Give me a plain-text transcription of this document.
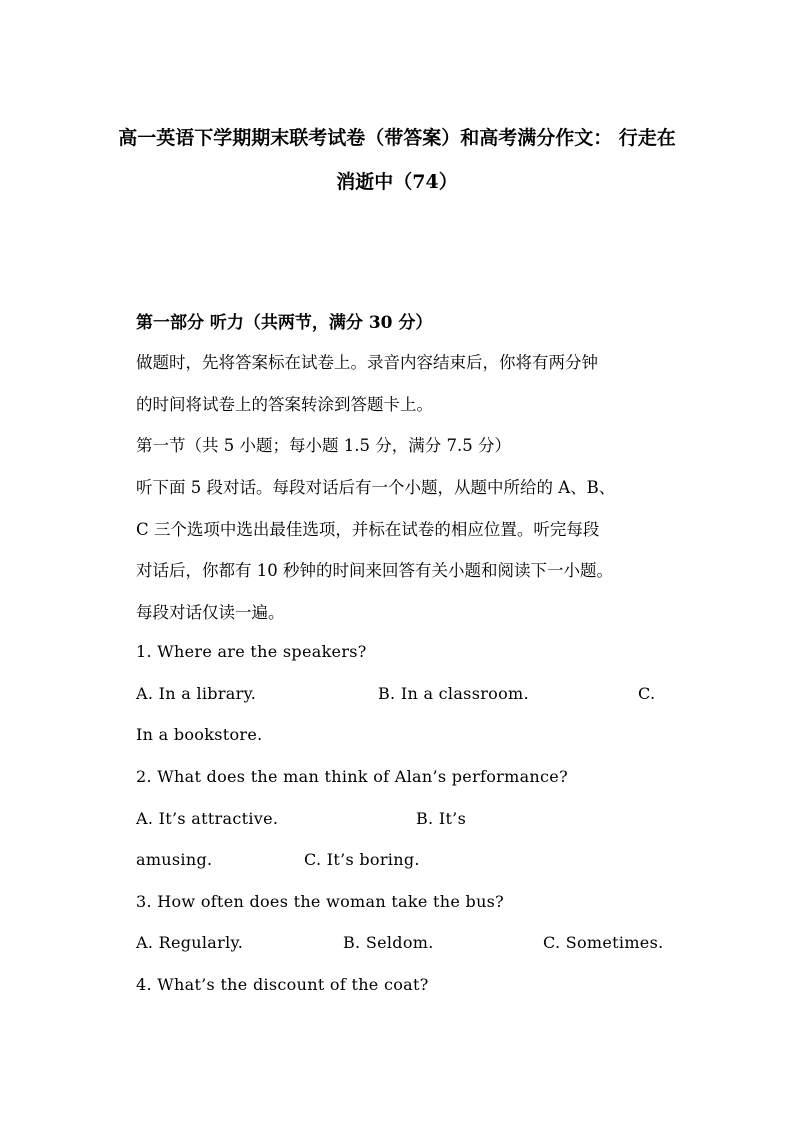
高一英语下学期期末联考试卷（带答案）和高考满分作文： 行走在
消逝中（74）
第一部分 听力（共两节，满分 30 分）
做题时，先将答案标在试卷上。录音内容结束后，你将有两分钟
的时间将试卷上的答案转涂到答题卡上。
第一节（共 5 小题；每小题 1.5 分，满分 7.5 分）
听下面 5 段对话。每段对话后有一个小题，从题中所给的 A、B、
C 三个选项中选出最佳选项，并标在试卷的相应位置。听完每段
对话后，你都有 10 秒钟的时间来回答有关小题和阅读下一小题。
每段对话仅读一遍。
1. Where are the speakers?
A. In a library.	B. In a classroom.	C.
In a bookstore.
2. What does the man think of Alan’s performance?
A. It’s attractive.	B. It’s
amusing.	C. It’s boring.
3. How often does the woman take the bus?
A. Regularly.	B. Seldom.	C. Sometimes.
4. What’s the discount of the coat?
